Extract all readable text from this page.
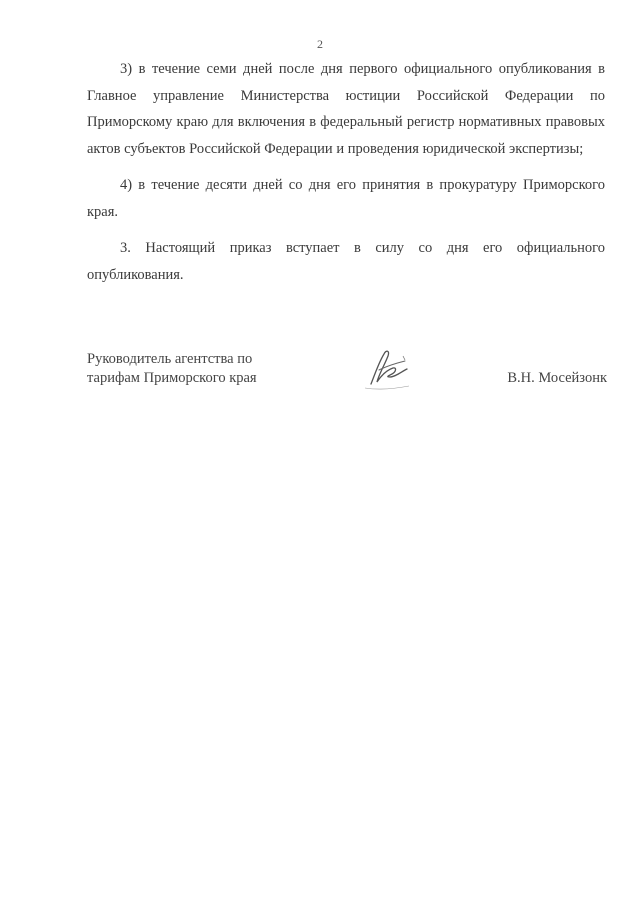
2

3) в течение семи дней после дня первого официального опубликования в Главное управление Министерства юстиции Российской Федерации по Приморскому краю для включения в федеральный регистр нормативных правовых актов субъектов Российской Федерации и проведения юридической экспертизы;

4) в течение десяти дней со дня его принятия в прокуратуру Приморского края.

3. Настоящий приказ вступает в силу со дня его официального опубликования.

Руководитель агентства по
тарифам Приморского края	В.Н. Мосейзонк
